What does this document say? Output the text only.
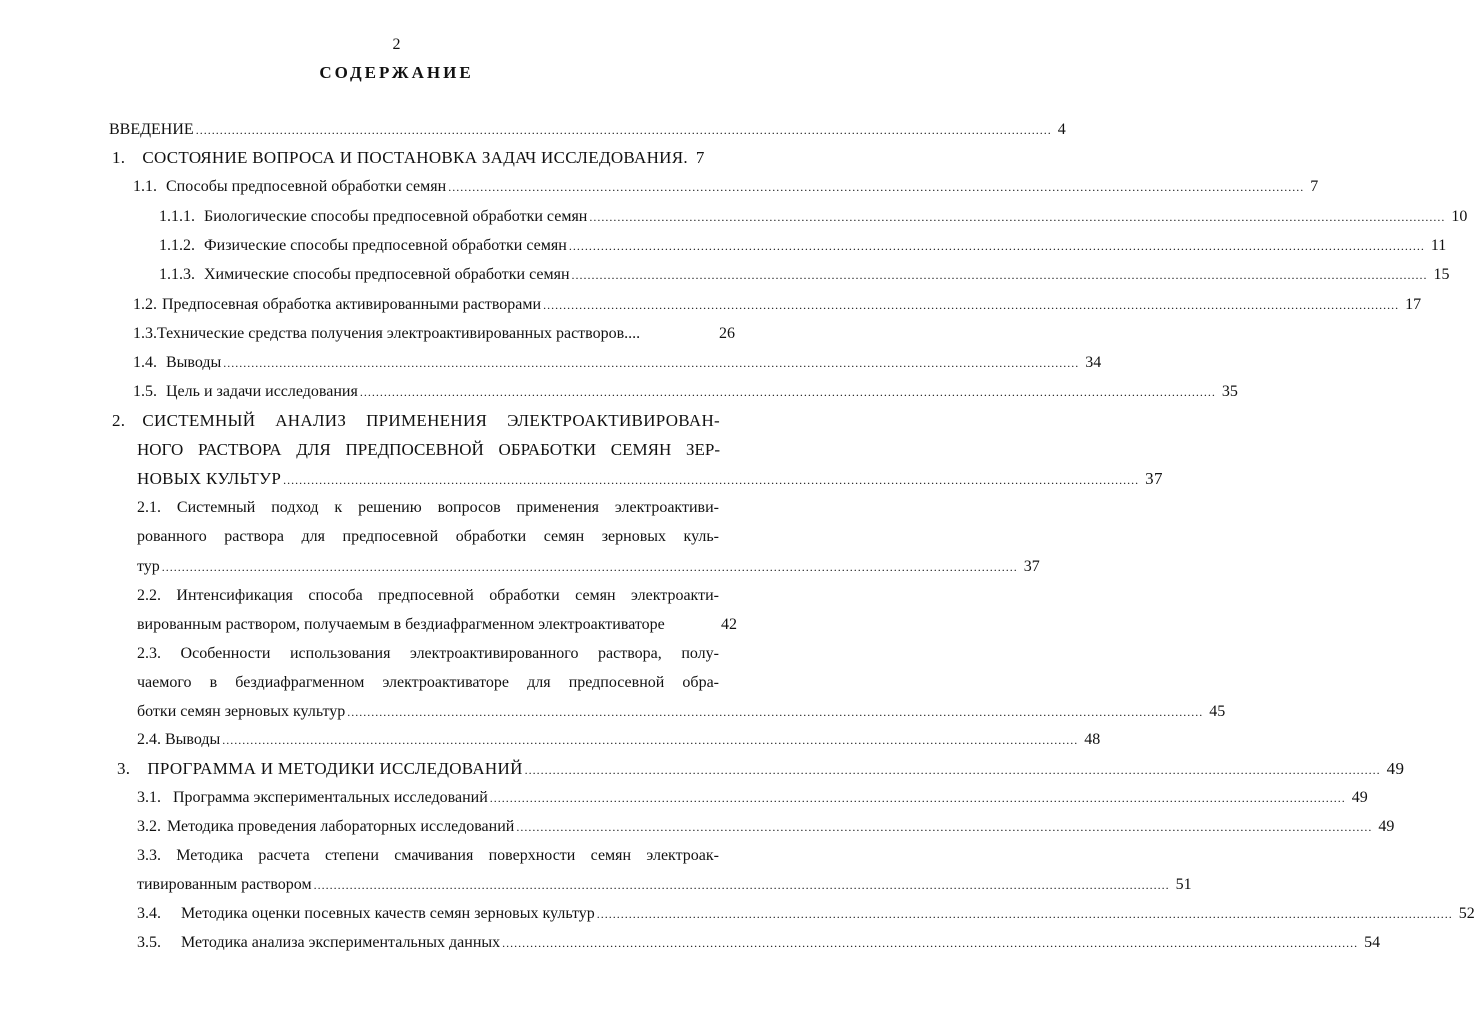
2
СОДЕРЖАНИЕ
ВВЕДЕНИЕ ...................................................................................................................................................................................................................... 4
1. СОСТОЯНИЕ ВОПРОСА И ПОСТАНОВКА ЗАДАЧ ИССЛЕДОВАНИЯ. 7
1.1. Способы предпосевной обработки семян ...................................................................................................................................................................................................................... 7
1.1.1. Биологические способы предпосевной обработки семян ...................................................................................................................................................................................................................... 10
1.1.2. Физические способы предпосевной обработки семян ...................................................................................................................................................................................................................... 11
1.1.3. Химические способы предпосевной обработки семян ...................................................................................................................................................................................................................... 15
1.2. Предпосевная обработка активированными растворами ...................................................................................................................................................................................................................... 17
1.3. Технические средства получения электроактивированных растворов....	26
1.4. Выводы ...................................................................................................................................................................................................................... 34
1.5. Цель и задачи исследования ...................................................................................................................................................................................................................... 35
2. СИСТЕМНЫЙ АНАЛИЗ ПРИМЕНЕНИЯ ЭЛЕКТРОАКТИВИРОВАН-
НОГО РАСТВОРА ДЛЯ ПРЕДПОСЕВНОЙ ОБРАБОТКИ СЕМЯН ЗЕР-
НОВЫХ КУЛЬТУР ...................................................................................................................................................................................................................... 37
2.1. Системный подход к решению вопросов применения электроактиви-
рованного раствора для предпосевной обработки семян зерновых куль-
тур ...................................................................................................................................................................................................................... 37
2.2. Интенсификация способа предпосевной обработки семян электроакти-
вированным раствором, получаемым в бездиафрагменном электроактиваторе	42
2.3. Особенности использования электроактивированного раствора, полу-
чаемого в бездиафрагменном электроактиваторе для предпосевной обра-
ботки семян зерновых культур ...................................................................................................................................................................................................................... 45
2.4. Выводы ...................................................................................................................................................................................................................... 48
3. ПРОГРАММА И МЕТОДИКИ ИССЛЕДОВАНИЙ ...................................................................................................................................................................................................................... 49
3.1. Программа экспериментальных исследований ...................................................................................................................................................................................................................... 49
3.2. Методика проведения лабораторных исследований ...................................................................................................................................................................................................................... 49
3.3. Методика расчета степени смачивания поверхности семян электроак-
тивированным раствором ...................................................................................................................................................................................................................... 51
3.4. Методика оценки посевных качеств семян зерновых культур ...................................................................................................................................................................................................................... 52
3.5. Методика анализа экспериментальных данных ...................................................................................................................................................................................................................... 54
